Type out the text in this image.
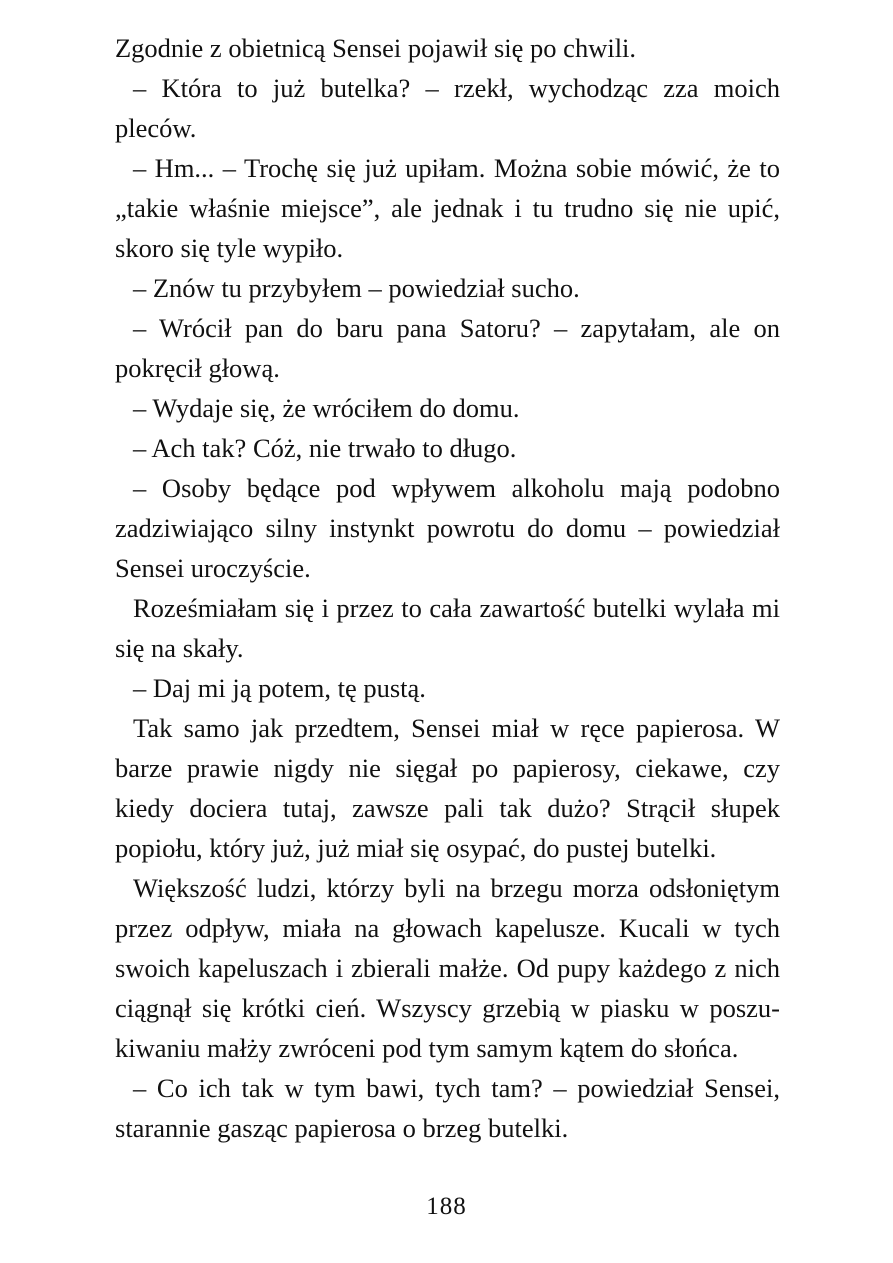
Zgodnie z obietnicą Sensei pojawił się po chwili.

– Która to już butelka? – rzekł, wychodząc zza moich pleców.

– Hm... – Trochę się już upiłam. Można sobie mówić, że to „takie właśnie miejsce”, ale jednak i tu trudno się nie upić, skoro się tyle wypiło.

– Znów tu przybyłem – powiedział sucho.

– Wrócił pan do baru pana Satoru? – zapytałam, ale on pokręcił głową.

– Wydaje się, że wróciłem do domu.

– Ach tak? Cóż, nie trwało to długo.

– Osoby będące pod wpływem alkoholu mają podobno zadziwiająco silny instynkt powrotu do domu – powiedział Sensei uroczyście.

Roześmiałam się i przez to cała zawartość butelki wylała mi się na skały.

– Daj mi ją potem, tę pustą.

Tak samo jak przedtem, Sensei miał w ręce papierosa. W barze prawie nigdy nie sięgał po papierosy, ciekawe, czy kiedy dociera tutaj, zawsze pali tak dużo? Strącił słupek popiołu, który już, już miał się osypać, do pustej butelki.

Większość ludzi, którzy byli na brzegu morza odsłoniętym przez odpływ, miała na głowach kapelusze. Kucali w tych swoich kapeluszach i zbierali małże. Od pupy każdego z nich ciągnął się krótki cień. Wszyscy grzebią w piasku w poszukiwaniu małży zwróceni pod tym samym kątem do słońca.

– Co ich tak w tym bawi, tych tam? – powiedział Sensei, starannie gasząc papierosa o brzeg butelki.

188
